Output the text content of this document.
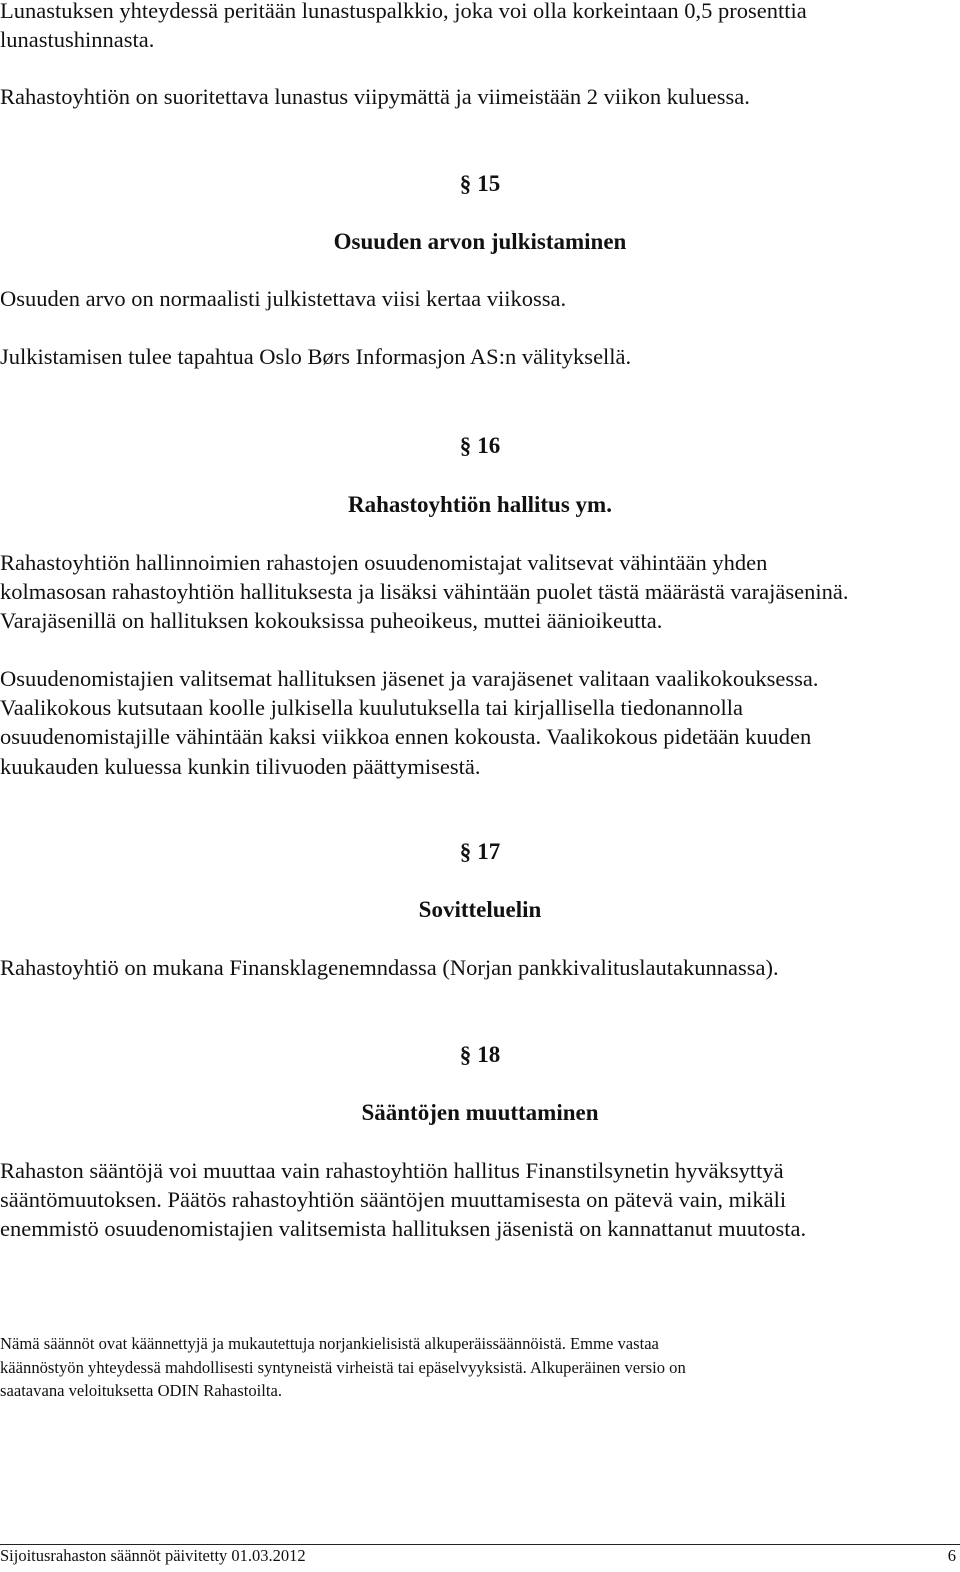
Lunastuksen yhteydessä peritään lunastuspalkkio, joka voi olla korkeintaan 0,5 prosenttia
lunastushinnasta.

Rahastoyhtiön on suoritettava lunastus viipymättä ja viimeistään 2 viikon kuluessa.

§ 15

Osuuden arvon julkistaminen

Osuuden arvo on normaalisti julkistettava viisi kertaa viikossa.

Julkistamisen tulee tapahtua Oslo Børs Informasjon AS:n välityksellä.

§ 16

Rahastoyhtiön hallitus ym.

Rahastoyhtiön hallinnoimien rahastojen osuudenomistajat valitsevat vähintään yhden
kolmasosan rahastoyhtiön hallituksesta ja lisäksi vähintään puolet tästä määrästä varajäseninä.
Varajäsenillä on hallituksen kokouksissa puheoikeus, muttei äänioikeutta.

Osuudenomistajien valitsemat hallituksen jäsenet ja varajäsenet valitaan vaalikokouksessa.
Vaalikokous kutsutaan koolle julkisella kuulutuksella tai kirjallisella tiedonannolla
osuudenomistajille vähintään kaksi viikkoa ennen kokousta. Vaalikokous pidetään kuuden
kuukauden kuluessa kunkin tilivuoden päättymisestä.

§ 17

Sovitteluelin

Rahastoyhtiö on mukana Finansklagenemndassa (Norjan pankkivalituslautakunnassa).

§ 18

Sääntöjen muuttaminen

Rahaston sääntöjä voi muuttaa vain rahastoyhtiön hallitus Finanstilsynetin hyväksyttyä
sääntömuutoksen. Päätös rahastoyhtiön sääntöjen muuttamisesta on pätevä vain, mikäli
enemmistö osuudenomistajien valitsemista hallituksen jäsenistä on kannattanut muutosta.

Nämä säännöt ovat käännettyjä ja mukautettuja norjankielisistä alkuperäissäännöistä. Emme vastaa
käännöstyön yhteydessä mahdollisesti syntyneistä virheistä tai epäselvyyksistä. Alkuperäinen versio on
saatavana veloituksetta ODIN Rahastoilta.

Sijoitusrahaston säännöt päivitetty 01.03.2012	6
